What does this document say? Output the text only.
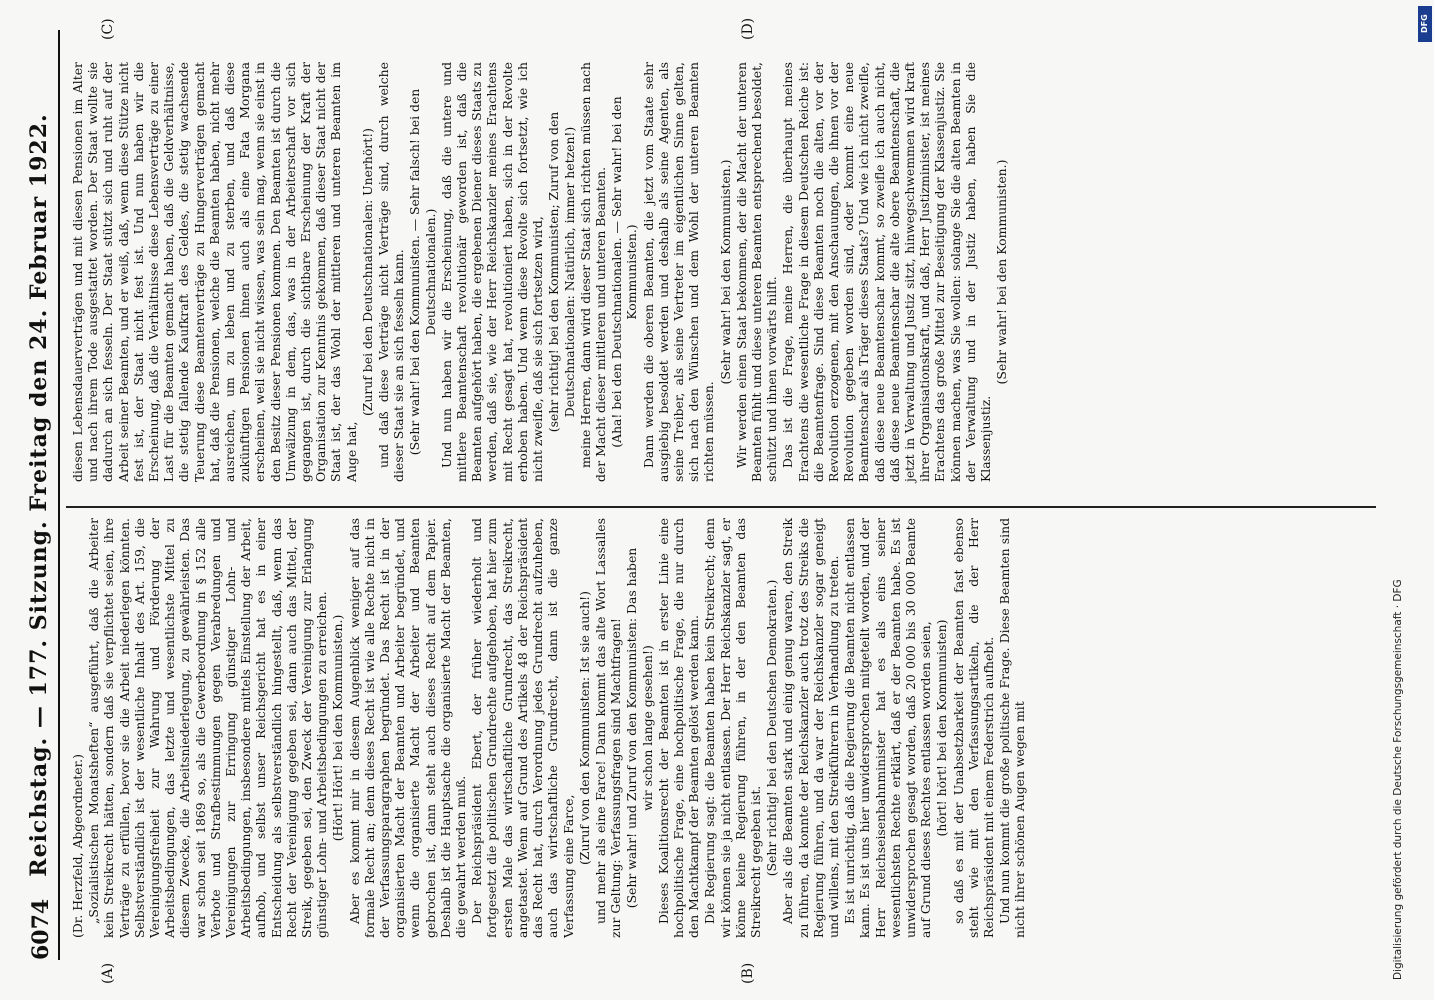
6074
Reichstag. — 177. Sitzung. Freitag den 24. Februar 1922.
(A)	(B)
(C)	(D)

(Dr. Herzfeld, Abgeordneter.) „Sozialistischen Monatsheften“ ausgeführt, daß die Arbeiter kein Streikrecht hätten, sondern daß sie verpflichtet seien, ihre Verträge zu erfüllen, bevor sie die Arbeit niederlegen könnten. Selbstverständlich ist der wesentliche Inhalt des Art. 159, die Vereinigungsfreiheit zur Wahrung und Förderung der Arbeitsbedingungen, das letzte und wesentlichste Mittel zu diesem Zwecke, die Arbeitsniederlegung, zu gewährleisten. Das war schon seit 1869 so, als die Gewerbeordnung in § 152 alle Verbote und Strafbestimmungen gegen Verabredungen und Vereinigungen zur Erringung günstiger Lohn- und Arbeitsbedingungen, insbesondere mittels Einstellung der Arbeit, aufhob, und selbst unser Reichsgericht hat es in einer Entscheidung als selbstverständlich hingestellt, daß, wenn das Recht der Vereinigung gegeben sei, dann auch das Mittel, der Streik, gegeben sei, den Zweck der Vereinigung zur Erlangung günstiger Lohn- und Arbeitsbedingungen zu erreichen. (Hört! Hört! bei den Kommunisten.) Aber es kommt mir in diesem Augenblick weniger auf das formale Recht an; denn dieses Recht ist wie alle Rechte nicht in der Verfassungsparagraphen begründet. Das Recht ist in der organisierten Macht der Beamten und Arbeiter begründet, und wenn die organisierte Macht der Arbeiter und Beamten gebrochen ist, dann steht auch dieses Recht auf dem Papier. Deshalb ist die Hauptsache die organisierte Macht der Beamten, die gewahrt werden muß. Der Reichspräsident Ebert, der früher wiederholt und fortgesetzt die politischen Grundrechte aufgehoben, hat hier zum ersten Male das wirtschaftliche Grundrecht, das Streikrecht, angetastet. Wenn auf Grund des Artikels 48 der Reichspräsident das Recht hat, durch Verordnung jedes Grundrecht aufzuheben, auch das wirtschaftliche Grundrecht, dann ist die ganze Verfassung eine Farce,

(Zuruf von den Kommunisten: Ist sie auch!) und mehr als eine Farce! Dann kommt das alte Wort Lassalles zur Geltung: Verfassungsfragen sind Machtfragen! (Sehr wahr! und Zuruf von den Kommunisten: Das haben wir schon lange gesehen!) Dieses Koalitionsrecht der Beamten ist in erster Linie eine hochpolitische Frage, eine hochpolitische Frage, die nur durch den Machtkampf der Beamten gelöst werden kann. Die Regierung sagt: die Beamten haben kein Streikrecht; denn wir können sie ja nicht entlassen. Der Herr Reichskanzler sagt, er könne keine Regierung führen, in der den Beamten das Streikrecht gegeben ist. (Sehr richtig! bei den Deutschen Demokraten.) Aber als die Beamten stark und einig genug waren, den Streik zu führen, da konnte der Reichskanzler auch trotz des Streiks die Regierung führen, und da war der Reichskanzler sogar geneigt und willens, mit den Streikführern in Verhandlung zu treten. Es ist unrichtig, daß die Regierung die Beamten nicht entlassen kann. Es ist uns hier unwidersprochen mitgeteilt worden, und der Herr Reichseisenbahnminister hat es als eins seiner wesentlichsten Rechte erklärt, daß er der Beamten habe. Es ist unwidersprochen gesagt worden, daß 20 000 bis 30 000 Beamte auf Grund dieses Rechtes entlassen worden seien, (hört! hört! bei den Kommunisten) so daß es mit der Unabsetzbarkeit der Beamten fast ebenso steht wie mit den Verfassungsartikeln, die der Herr Reichspräsident mit einem Federstrich aufhebt. Und nun kommt die große politische Frage. Diese Beamten sind nicht ihrer schönen Augen wegen mit

diesen Lebensdauerverträgen und mit diesen Pensionen im Alter und nach ihrem Tode ausgestattet worden. Der Staat wollte sie dadurch an sich fesseln. Der Staat stützt sich und ruht auf der Arbeit seiner Beamten, und er weiß, daß, wenn diese Stütze nicht fest ist, der Staat nicht fest ist. Und nun haben wir die Erscheinung, daß die Verhältnisse diese Lebensverträge zu einer Last für die Beamten gemacht haben, daß die Geldverhältnisse, die stetig fallende Kaufkraft des Geldes, die stetig wachsende Teuerung diese Beamtenverträge zu Hungerverträgen gemacht hat, daß die Pensionen, welche die Beamten haben, nicht mehr ausreichen, um zu leben und zu sterben, und daß diese zukünftigen Pensionen ihnen auch als eine Fata Morgana erscheinen, weil sie nicht wissen, was sein mag, wenn sie einst in den Besitz dieser Pensionen kommen. Den Beamten ist durch die Umwälzung in dem, das, was in der Arbeiterschaft vor sich gegangen ist, durch die sichtbare Erscheinung der Kraft der Organisation zur Kenntnis gekommen, daß dieser Staat nicht der Staat ist, der das Wohl der mittleren und unteren Beamten im Auge hat,

(Zuruf bei den Deutschnationalen: Unerhört!) und daß diese Verträge nicht Verträge sind, durch welche dieser Staat sie an sich fesseln kann. (Sehr wahr! bei den Kommunisten. — Sehr falsch! bei den Deutschnationalen.) Und nun haben wir die Erscheinung, daß die untere und mittlere Beamtenschaft revolutionär geworden ist, daß die Beamten aufgehört haben, die ergebenen Diener dieses Staats zu werden, daß sie, wie der Herr Reichskanzler meines Erachtens mit Recht gesagt hat, revolutioniert haben, sich in der Revolte erhoben haben. Und wenn diese Revolte sich fortsetzt, wie ich nicht zweifle, daß sie sich fortsetzen wird, (sehr richtig! bei den Kommunisten; Zuruf von den Deutschnationalen: Natürlich, immer hetzen!) meine Herren, dann wird dieser Staat sich richten müssen nach der Macht dieser mittleren und unteren Beamten. (Aha! bei den Deutschnationalen. — Sehr wahr! bei den Kommunisten.) Dann werden die oberen Beamten, die jetzt vom Staate sehr ausgiebig besoldet werden und deshalb als seine Agenten, als seine Treiber, als seine Vertreter im eigentlichen Sinne gelten, sich nach den Wünschen und dem Wohl der unteren Beamten richten müssen.

(Sehr wahr! bei den Kommunisten.) Wir werden einen Staat bekommen, der die Macht der unteren Beamten fühlt und diese unteren Beamten entsprechend besoldet, schützt und ihnen vorwärts hilft. Das ist die Frage, meine Herren, die überhaupt meines Erachtens die wesentliche Frage in diesem Deutschen Reiche ist: die Beamtenfrage. Sind diese Beamten noch die alten, vor der Revolution erzogenen, mit den Anschauungen, die ihnen vor der Revolution gegeben worden sind, oder kommt eine neue Beamtenschar als Träger dieses Staats? Und wie ich nicht zweifle, daß diese neue Beamtenschar kommt, so zweifle ich auch nicht, daß diese neue Beamtenschar die alte obere Beamtenschaft, die jetzt in Verwaltung und Justiz sitzt, hinwegschwemmen wird kraft ihrer Organisationskraft, und daß, Herr Justizminister, ist meines Erachtens das große Mittel zur Beseitigung der Klassenjustiz. Sie können machen, was Sie wollen: solange Sie die alten Beamten in der Verwaltung und in der Justiz haben, haben Sie die Klassenjustiz.

(Sehr wahr! bei den Kommunisten.)

Digitalisierung gefördert durch die Deutsche Forschungsgemeinschaft · DFG
DFG
